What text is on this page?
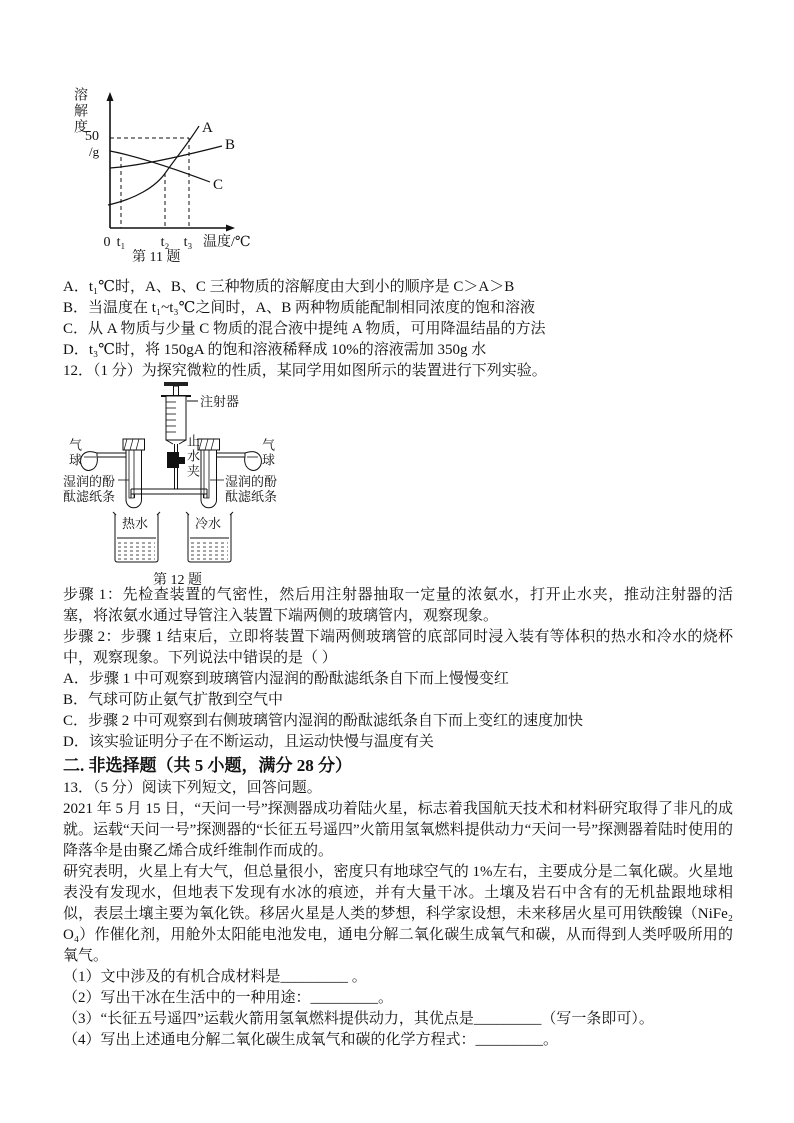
A
B
C
0 t₁	t₂ t₃ 温度/℃
溶解度
50
/g
第 11 题

A．t₁℃时，A、B、C 三种物质的溶解度由大到小的顺序是 C＞A＞B

B．当温度在 t₁~t₃℃之间时，A、B 两种物质能配制相同浓度的饱和溶液

C．从 A 物质与少量 C 物质的混合液中提纯 A 物质，可用降温结晶的方法

D．t₃℃时，将 150gA 的饱和溶液稀释成 10%的溶液需加 350g 水

12．（1 分）为探究微粒的性质，某同学用如图所示的装置进行下列实验。

注射器
止水夹
气球	气球
湿润的酚酞滤纸条
湿润的酚酞滤纸条
热水	冷水
第 12 题

步骤 1：先检查装置的气密性，然后用注射器抽取一定量的浓氨水，打开止水夹，推动注射器的活塞，将浓氨水通过导管注入装置下端两侧的玻璃管内，观察现象。

步骤 2：步骤 1 结束后，立即将装置下端两侧玻璃管的底部同时浸入装有等体积的热水和冷水的烧杯中，观察现象。下列说法中错误的是（ ）

A．步骤 1 中可观察到玻璃管内湿润的酚酞滤纸条自下而上慢慢变红

B．气球可防止氨气扩散到空气中

C．步骤 2 中可观察到右侧玻璃管内湿润的酚酞滤纸条自下而上变红的速度加快

D．该实验证明分子在不断运动，且运动快慢与温度有关

二. 非选择题（共 5 小题，满分 28 分）

13．（5 分）阅读下列短文，回答问题。

2021 年 5 月 15 日，“天问一号”探测器成功着陆火星，标志着我国航天技术和材料研究取得了非凡的成就。运载“天问一号”探测器的“长征五号遥四”火箭用氢氧燃料提供动力“天问一号”探测器着陆时使用的降落伞是由聚乙烯合成纤维制作而成的。

研究表明，火星上有大气，但总量很小，密度只有地球空气的 1%左右，主要成分是二氧化碳。火星地表没有发现水，但地表下发现有水冰的痕迹，并有大量干冰。土壤及岩石中含有的无机盐跟地球相似，表层土壤主要为氧化铁。移居火星是人类的梦想，科学家设想，未来移居火星可用铁酸镍（NiFe₂O₄）作催化剂，用舱外太阳能电池发电，通电分解二氧化碳生成氧气和碳，从而得到人类呼吸所用的氧气。

（1）文中涉及的有机合成材料是_________ 。

（2）写出干冰在生活中的一种用途：_________。

（3）“长征五号遥四”运载火箭用氢氧燃料提供动力，其优点是_________（写一条即可）。

（4）写出上述通电分解二氧化碳生成氧气和碳的化学方程式：_________。
